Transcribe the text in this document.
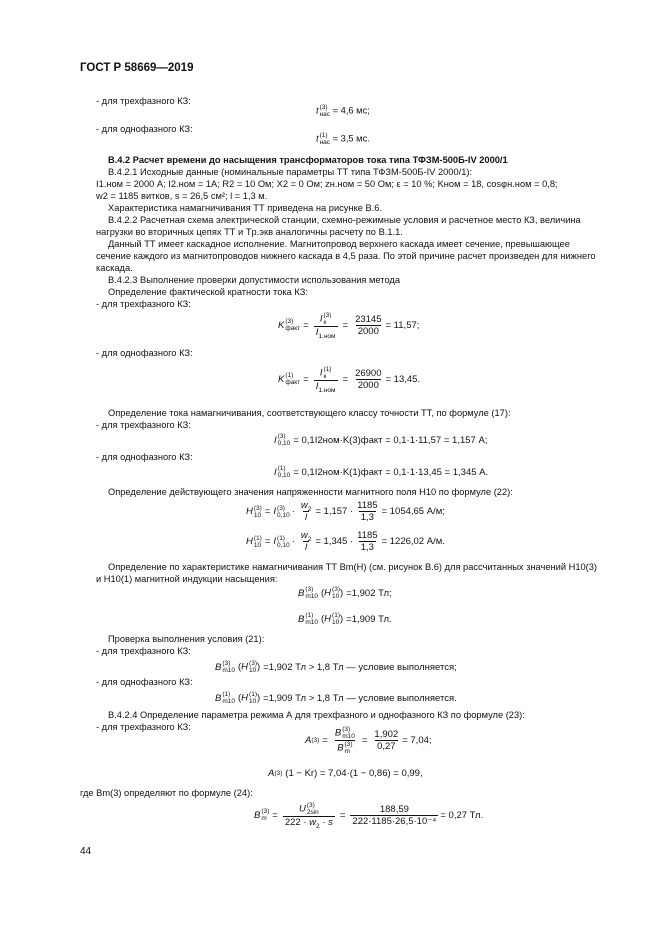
ГОСТ Р 58669—2019
- для трехфазного КЗ:
t (3)
нас = 4,6 мс;
- для однофазного КЗ:
t (1)
нас = 3,5 мс.
В.4.2 Расчет времени до насыщения трансформаторов тока типа ТФЗМ-500Б-IV 2000/1
В.4.2.1 Исходные данные (номинальные параметры ТТ типа ТФЗМ-500Б-IV 2000/1):
I1.ном = 2000 А; I2.ном = 1А; R2 = 10 Ом; X2 = 0 Ом; zн.ном = 50 Ом; ε = 10 %; Kном = 18, cosφн.ном = 0,8;
w2 = 1185 витков, s = 26,5 см²; l = 1,3 м.
Характеристика намагничивания ТТ приведена на рисунке В.6.
В.4.2.2 Расчетная схема электрической станции, схемно-режимные условия и расчетное место КЗ, величина
нагрузки во вторичных цепях ТТ и Tр.экв аналогичны расчету по В.1.1.
Данный ТТ имеет каскадное исполнение. Магнитопровод верхнего каскада имеет сечение, превышающее
сечение каждого из магнитопроводов нижнего каскада в 4,5 раза. По этой причине расчет произведен для нижнего
каскада.
В.4.2.3 Выполнение проверки допустимости использования метода
Определение фактической кратности тока КЗ:
- для трехфазного КЗ:
K (3)
факт =
I (3)
к
$I_{1.ном}$
= $\frac{23145}{2000} = 11,57$;
- для однофазного КЗ:
K (1)
факт =
I (1)
к
$I_{1.ном}$
= $\frac{26900}{2000} = 13,45$.
Определение тока намагничивания, соответствующего классу точности ТТ, по формуле (17):
- для трехфазного КЗ:
I (3)
0,10 = 0,1I2ном·K(3)факт = 0,1·1·11,57 = 1,157 А;
- для однофазного КЗ:
I (1)
0,10 = 0,1I2ном·K(1)факт = 0,1·1·13,45 = 1,345 А.
Определение действующего значения напряженности магнитного поля H10 по формуле (22):
H (3)
10 = I (3)
$0,10 \cdot \frac{w_2}{l} = 1,157 \cdot \frac{1185}{1,3} = 1054,65$ А/м;
H (1)
10 = I (1)
$0,10 \cdot \frac{w_2}{l} = 1,345 \cdot \frac{1185}{1,3} = 1226,02$ А/м.
Определение по характеристике намагничивания ТТ Bm(H) (см. рисунок В.6) для рассчитанных значений H10(3)
и H10(1) магнитной индукции насыщения:
B (3)
m10 (H (3)
10 ) =1,902 Тл;
B (1)
m10 (H (1)
10 ) =1,909 Тл.
Проверка выполнения условия (21):
- для трехфазного КЗ:
B (3)
m10 (H (3)
10 ) =1,902 Тл > 1,8 Тл — условие выполняется;
- для однофазного КЗ:
B (1)
m10 (H (1)
10 ) =1,909 Тл > 1,8 Тл — условие выполняется.
В.4.2.4 Определение параметра режима А для трехфазного и однофазного КЗ по формуле (23):
- для трехфазного КЗ:
A (3) = B (3)
m10
B (3)
$m = \frac{1,902}{0,27} = 7,04$;
A (3) (1 − Kr) = 7,04·(1 − 0,86) = 0,99,
где Bm(3) определяют по формуле (24):
B (3)
m = U (3)
2sin
$222 \cdot w_2 \cdot s = \frac{188,59}{\text{222·1185·26,5·10⁻⁴}} = 0,27$ Тл.
44
